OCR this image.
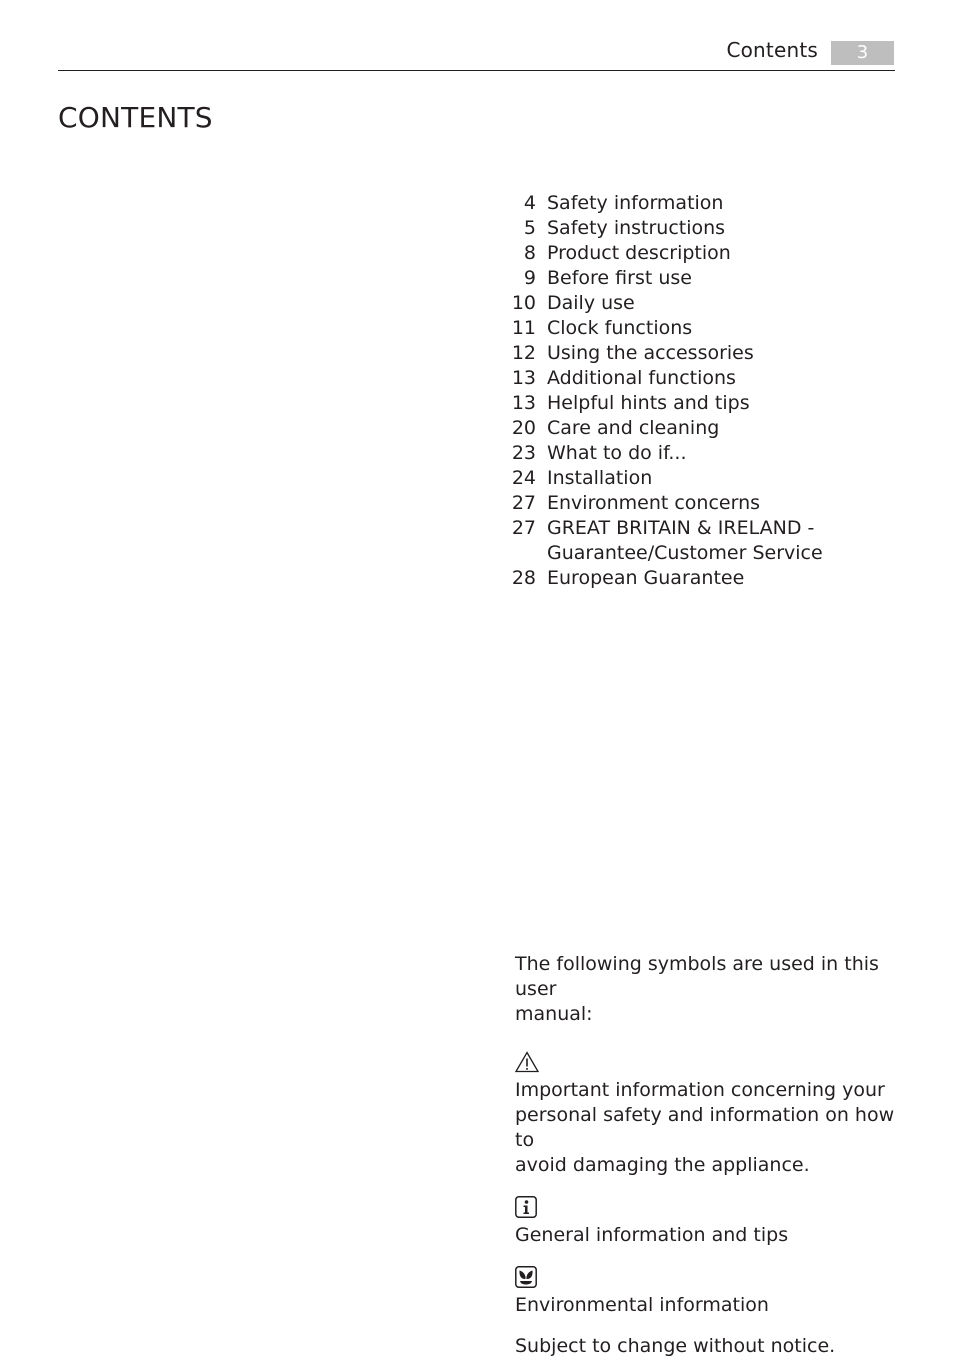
Contents	3
CONTENTS
4 Safety information
5 Safety instructions
8 Product description
9 Before first use
10 Daily use
11 Clock functions
12 Using the accessories
13 Additional functions
13 Helpful hints and tips
20 Care and cleaning
23 What to do if...
24 Installation
27 Environment concerns
27 GREAT BRITAIN & IRELAND -
Guarantee/Customer Service
28 European Guarantee

The following symbols are used in this user

manual:

Important information concerning your

personal safety and information on how to

avoid damaging the appliance.

General information and tips

Environmental information

Subject to change without notice.
